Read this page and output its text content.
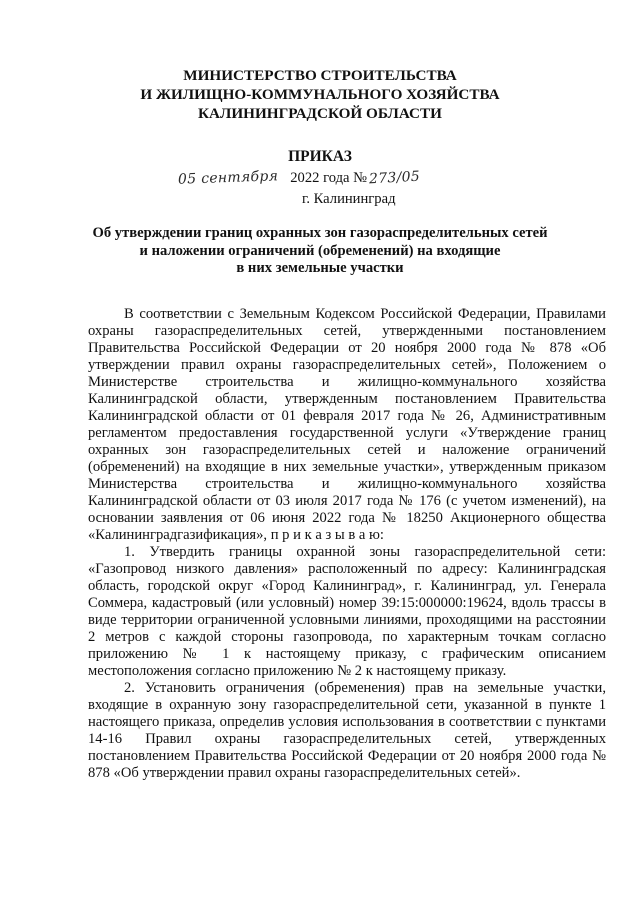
МИНИСТЕРСТВО СТРОИТЕЛЬСТВА
И ЖИЛИЩНО-КОММУНАЛЬНОГО ХОЗЯЙСТВА
КАЛИНИНГРАДСКОЙ ОБЛАСТИ
ПРИКАЗ
05 сентября 2022 года № 273/05
г. Калининград
Об утверждении границ охранных зон газораспределительных сетей
и наложении ограничений (обременений) на входящие
в них земельные участки

В соответствии с Земельным Кодексом Российской Федерации, Правилами охраны газораспределительных сетей, утвержденными постановлением Правительства Российской Федерации от 20 ноября 2000 года № 878 «Об утверждении правил охраны газораспределительных сетей», Положением о Министерстве строительства и жилищно-коммунального хозяйства Калининградской области, утвержденным постановлением Правительства Калининградской области от 01 февраля 2017 года № 26, Административным регламентом предоставления государственной услуги «Утверждение границ охранных зон газораспределительных сетей и наложение ограничений (обременений) на входящие в них земельные участки», утвержденным приказом Министерства строительства и жилищно-коммунального хозяйства Калининградской области от 03 июля 2017 года № 176 (с учетом изменений), на основании заявления от 06 июня 2022 года № 18250 Акционерного общества «Калининградгазификация», п р и к а з ы в а ю:

1. Утвердить границы охранной зоны газораспределительной сети: «Газопровод низкого давления» расположенный по адресу: Калининградская область, городской округ «Город Калининград», г. Калининград, ул. Генерала Соммера, кадастровый (или условный) номер 39:15:000000:19624, вдоль трассы в виде территории ограниченной условными линиями, проходящими на расстоянии 2 метров с каждой стороны газопровода, по характерным точкам согласно приложению № 1 к настоящему приказу, с графическим описанием местоположения согласно приложению № 2 к настоящему приказу.

2. Установить ограничения (обременения) прав на земельные участки, входящие в охранную зону газораспределительной сети, указанной в пункте 1 настоящего приказа, определив условия использования в соответствии с пунктами 14-16 Правил охраны газораспределительных сетей, утвержденных постановлением Правительства Российской Федерации от 20 ноября 2000 года № 878 «Об утверждении правил охраны газораспределительных сетей».
